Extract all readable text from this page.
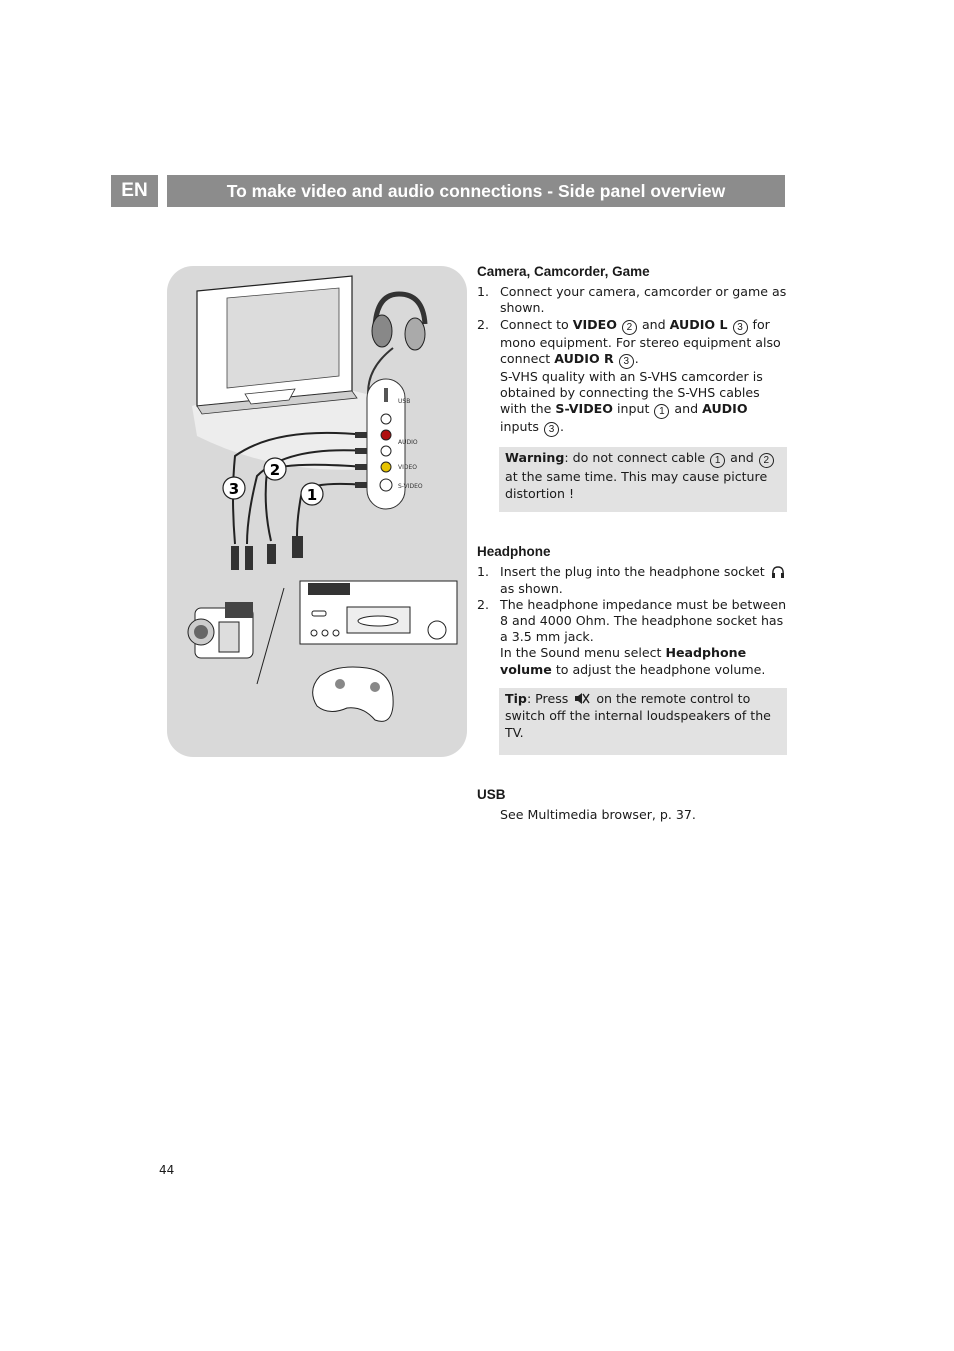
EN	To make video and audio connections - Side panel overview
USB
AUDIO
VIDEO
S-VIDEO
3
2
1
Camera, Camcorder, Game
1. Connect your camera, camcorder or game as shown.
2. Connect to VIDEO 2 and AUDIO L 3 for mono equipment. For stereo equipment also connect AUDIO R 3 .
S-VHS quality with an S-VHS camcorder is obtained by connecting the S-VHS cables with the S-VIDEO input 1 and AUDIO inputs 3 .
Warning: do not connect cable 1 and 2 at the same time. This may cause picture distortion !
Headphone
1. Insert the plug into the headphone socket  as shown.
2. The headphone impedance must be between 8 and 4000 Ohm. The headphone socket has a 3.5 mm jack.
In the Sound menu select Headphone volume to adjust the headphone volume.
Tip: Press  on the remote control to switch off the internal loudspeakers of the TV.
USB
See Multimedia browser, p. 37.
44
